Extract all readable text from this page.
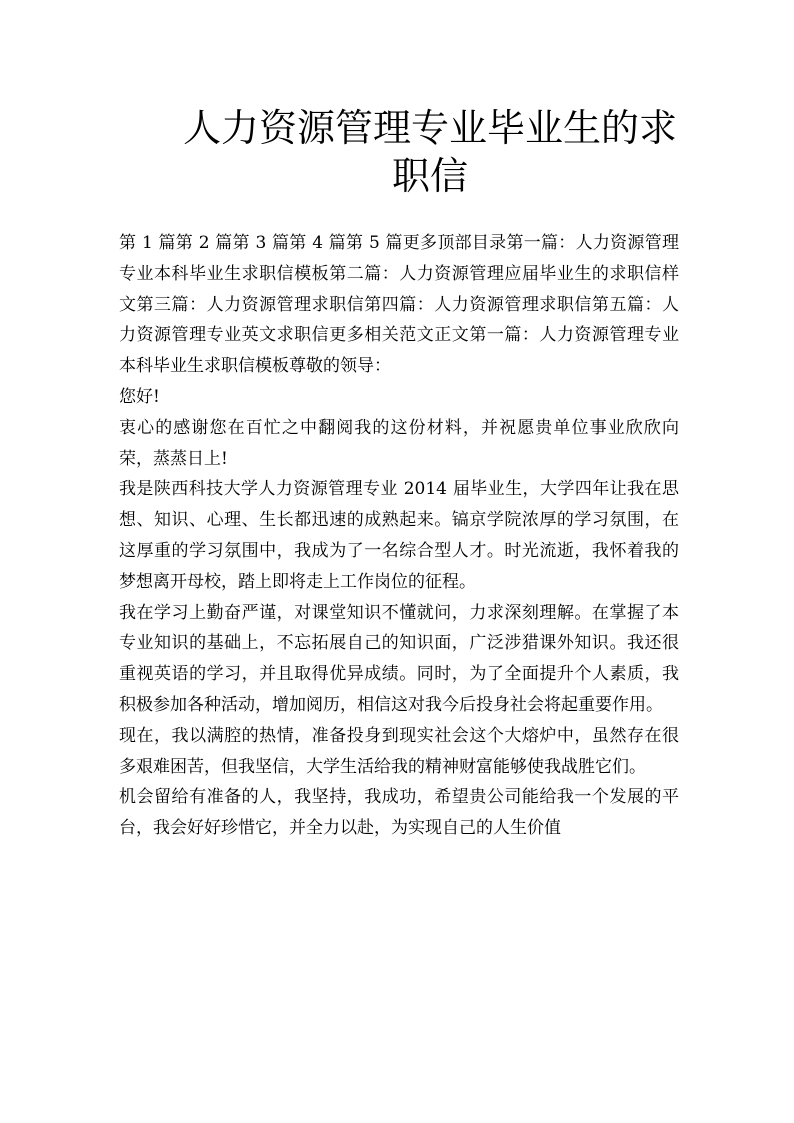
人力资源管理专业毕业生的求
职信

第 1 篇第 2 篇第 3 篇第 4 篇第 5 篇更多顶部目录第一篇：人力资源管理专业本科毕业生求职信模板第二篇：人力资源管理应届毕业生的求职信样文第三篇：人力资源管理求职信第四篇：人力资源管理求职信第五篇：人力资源管理专业英文求职信更多相关范文正文第一篇：人力资源管理专业本科毕业生求职信模板尊敬的领导：

您好!

衷心的感谢您在百忙之中翻阅我的这份材料，并祝愿贵单位事业欣欣向荣，蒸蒸日上!

我是陕西科技大学人力资源管理专业 2014 届毕业生，大学四年让我在思想、知识、心理、生长都迅速的成熟起来。镐京学院浓厚的学习氛围，在这厚重的学习氛围中，我成为了一名综合型人才。时光流逝，我怀着我的梦想离开母校，踏上即将走上工作岗位的征程。

我在学习上勤奋严谨，对课堂知识不懂就问，力求深刻理解。在掌握了本专业知识的基础上，不忘拓展自己的知识面，广泛涉猎课外知识。我还很重视英语的学习，并且取得优异成绩。同时，为了全面提升个人素质，我积极参加各种活动，增加阅历，相信这对我今后投身社会将起重要作用。

现在，我以满腔的热情，准备投身到现实社会这个大熔炉中，虽然存在很多艰难困苦，但我坚信，大学生活给我的精神财富能够使我战胜它们。

机会留给有准备的人，我坚持，我成功，希望贵公司能给我一个发展的平台，我会好好珍惜它，并全力以赴，为实现自己的人生价值
